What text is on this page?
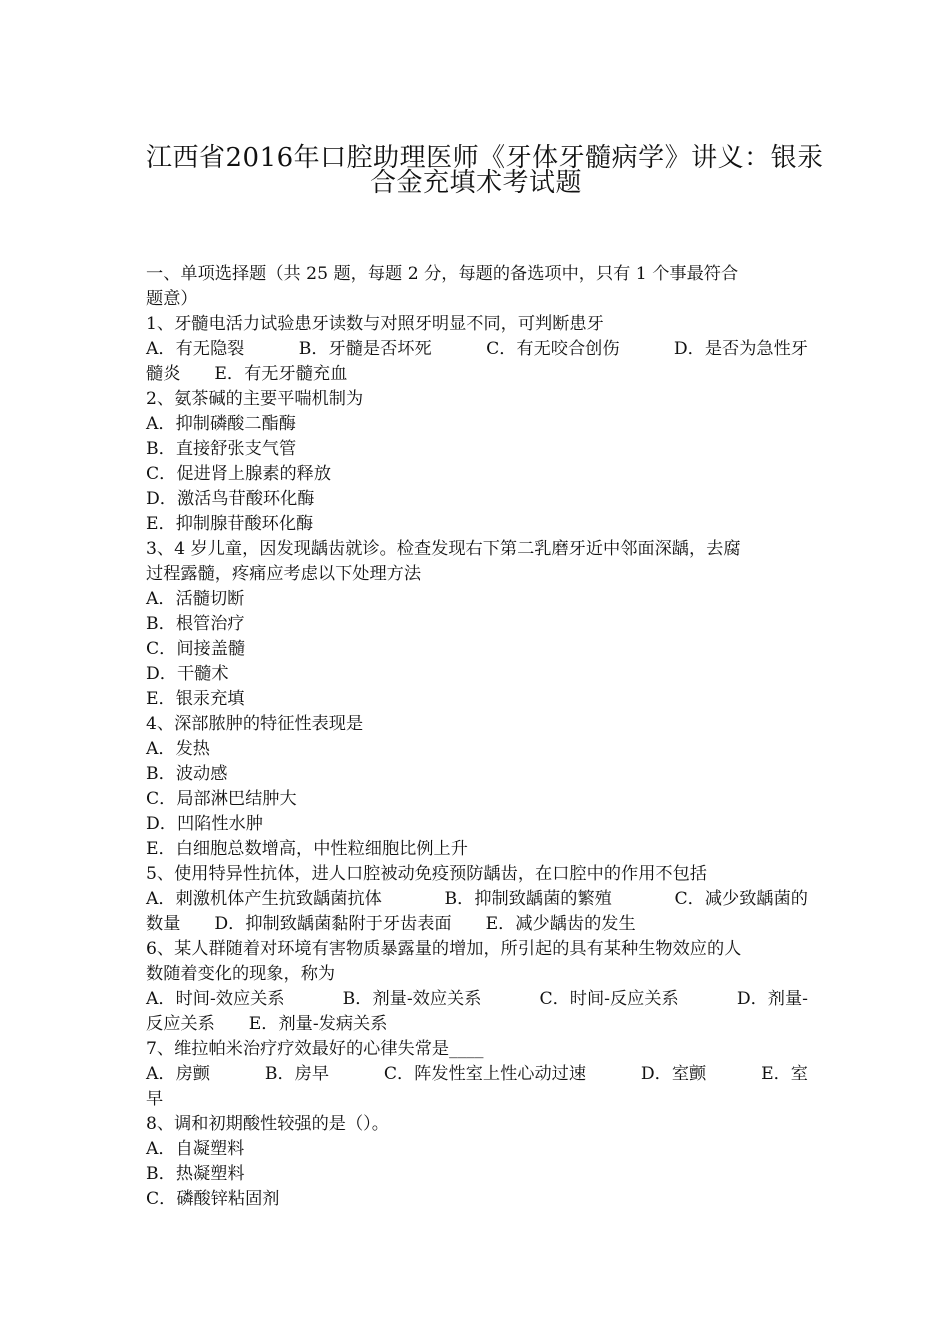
江西省2016年口腔助理医师《牙体牙髓病学》讲义：银汞
合金充填术考试题
一、单项选择题（共 25 题，每题 2 分，每题的备选项中，只有 1 个事最符合
题意）
1、牙髓电活力试验患牙读数与对照牙明显不同，可判断患牙
A．有无隐裂	B．牙髓是否坏死	C．有无咬合创伤	D．是否为急性牙
髓炎 E．有无牙髓充血
2、氨茶碱的主要平喘机制为
A．抑制磷酸二酯酶
B．直接舒张支气管
C．促进肾上腺素的释放
D．激活鸟苷酸环化酶
E．抑制腺苷酸环化酶
3、4 岁儿童，因发现龋齿就诊。检查发现右下第二乳磨牙近中邻面深龋，去腐
过程露髓，疼痛应考虑以下处理方法
A．活髓切断
B．根管治疗
C．间接盖髓
D．干髓术
E．银汞充填
4、深部脓肿的特征性表现是
A．发热
B．波动感
C．局部淋巴结肿大
D．凹陷性水肿
E．白细胞总数增高，中性粒细胞比例上升
5、使用特异性抗体，进人口腔被动免疫预防龋齿，在口腔中的作用不包括
A．刺激机体产生抗致龋菌抗体	B．抑制致龋菌的繁殖	C．减少致龋菌的
数量 D．抑制致龋菌黏附于牙齿表面 E．减少龋齿的发生
6、某人群随着对环境有害物质暴露量的增加，所引起的具有某种生物效应的人
数随着变化的现象，称为
A．时间-效应关系	B．剂量-效应关系	C．时间-反应关系	D．剂量-
反应关系 E．剂量-发病关系
7、维拉帕米治疗疗效最好的心律失常是____
A．房颤	B．房早	C．阵发性室上性心动过速	D．室颤	E．室
早
8、调和初期酸性较强的是（）。
A．自凝塑料
B．热凝塑料
C．磷酸锌粘固剂
